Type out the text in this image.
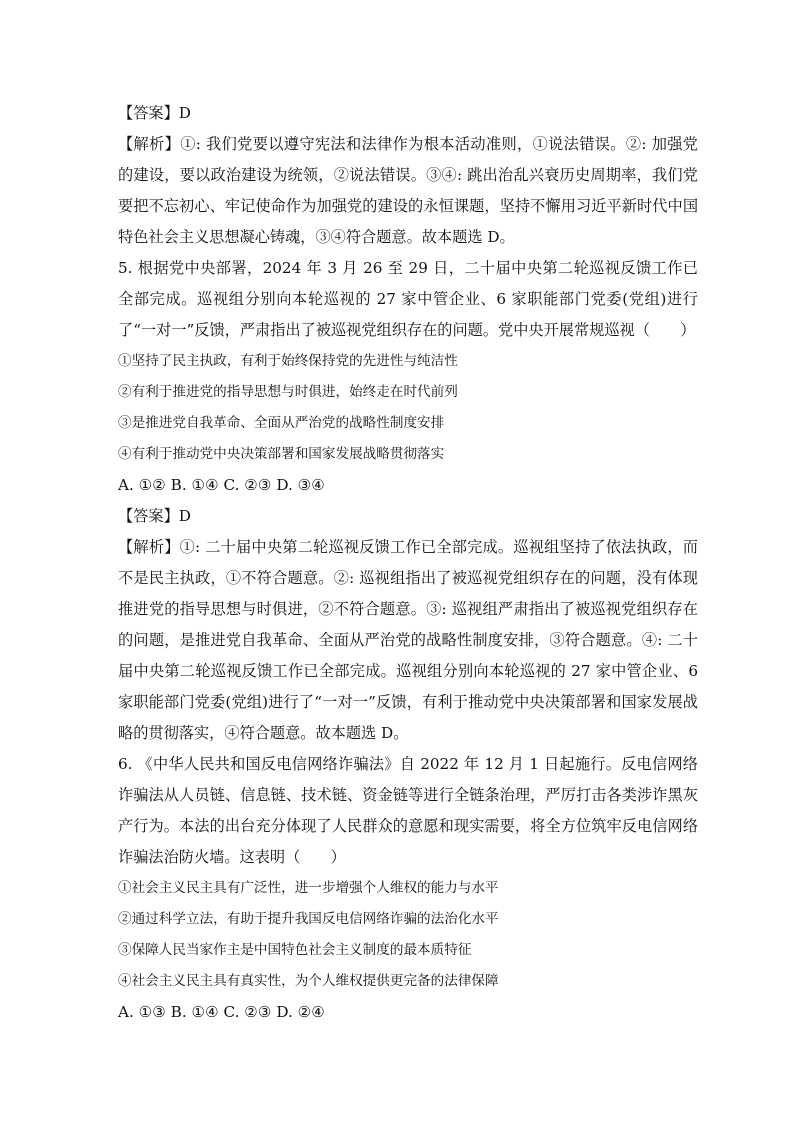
【答案】D
【解析】①: 我们党要以遵守宪法和法律作为根本活动准则，①说法错误。②: 加强党的建设，要以政治建设为统领，②说法错误。③④: 跳出治乱兴衰历史周期率，我们党要把不忘初心、牢记使命作为加强党的建设的永恒课题，坚持不懈用习近平新时代中国特色社会主义思想凝心铸魂，③④符合题意。故本题选 D。
5. 根据党中央部署，2024 年 3 月 26 至 29 日，二十届中央第二轮巡视反馈工作已全部完成。巡视组分别向本轮巡视的 27 家中管企业、6 家职能部门党委(党组)进行了“一对一”反馈，严肃指出了被巡视党组织存在的问题。党中央开展常规巡视（　　）
①坚持了民主执政，有利于始终保持党的先进性与纯洁性
②有利于推进党的指导思想与时俱进，始终走在时代前列
③是推进党自我革命、全面从严治党的战略性制度安排
④有利于推动党中央决策部署和国家发展战略贯彻落实
A. ①② B. ①④ C. ②③ D. ③④
【答案】D
【解析】①: 二十届中央第二轮巡视反馈工作已全部完成。巡视组坚持了依法执政，而不是民主执政，①不符合题意。②: 巡视组指出了被巡视党组织存在的问题，没有体现推进党的指导思想与时俱进，②不符合题意。③: 巡视组严肃指出了被巡视党组织存在的问题，是推进党自我革命、全面从严治党的战略性制度安排，③符合题意。④: 二十届中央第二轮巡视反馈工作已全部完成。巡视组分别向本轮巡视的 27 家中管企业、6 家职能部门党委(党组)进行了“一对一”反馈，有利于推动党中央决策部署和国家发展战略的贯彻落实，④符合题意。故本题选 D。
6. 《中华人民共和国反电信网络诈骗法》自 2022 年 12 月 1 日起施行。反电信网络诈骗法从人员链、信息链、技术链、资金链等进行全链条治理，严厉打击各类涉诈黑灰产行为。本法的出台充分体现了人民群众的意愿和现实需要，将全方位筑牢反电信网络诈骗法治防火墙。这表明（　　）
①社会主义民主具有广泛性，进一步增强个人维权的能力与水平
②通过科学立法，有助于提升我国反电信网络诈骗的法治化水平
③保障人民当家作主是中国特色社会主义制度的最本质特征
④社会主义民主具有真实性，为个人维权提供更完备的法律保障
A. ①③ B. ①④ C. ②③ D. ②④
